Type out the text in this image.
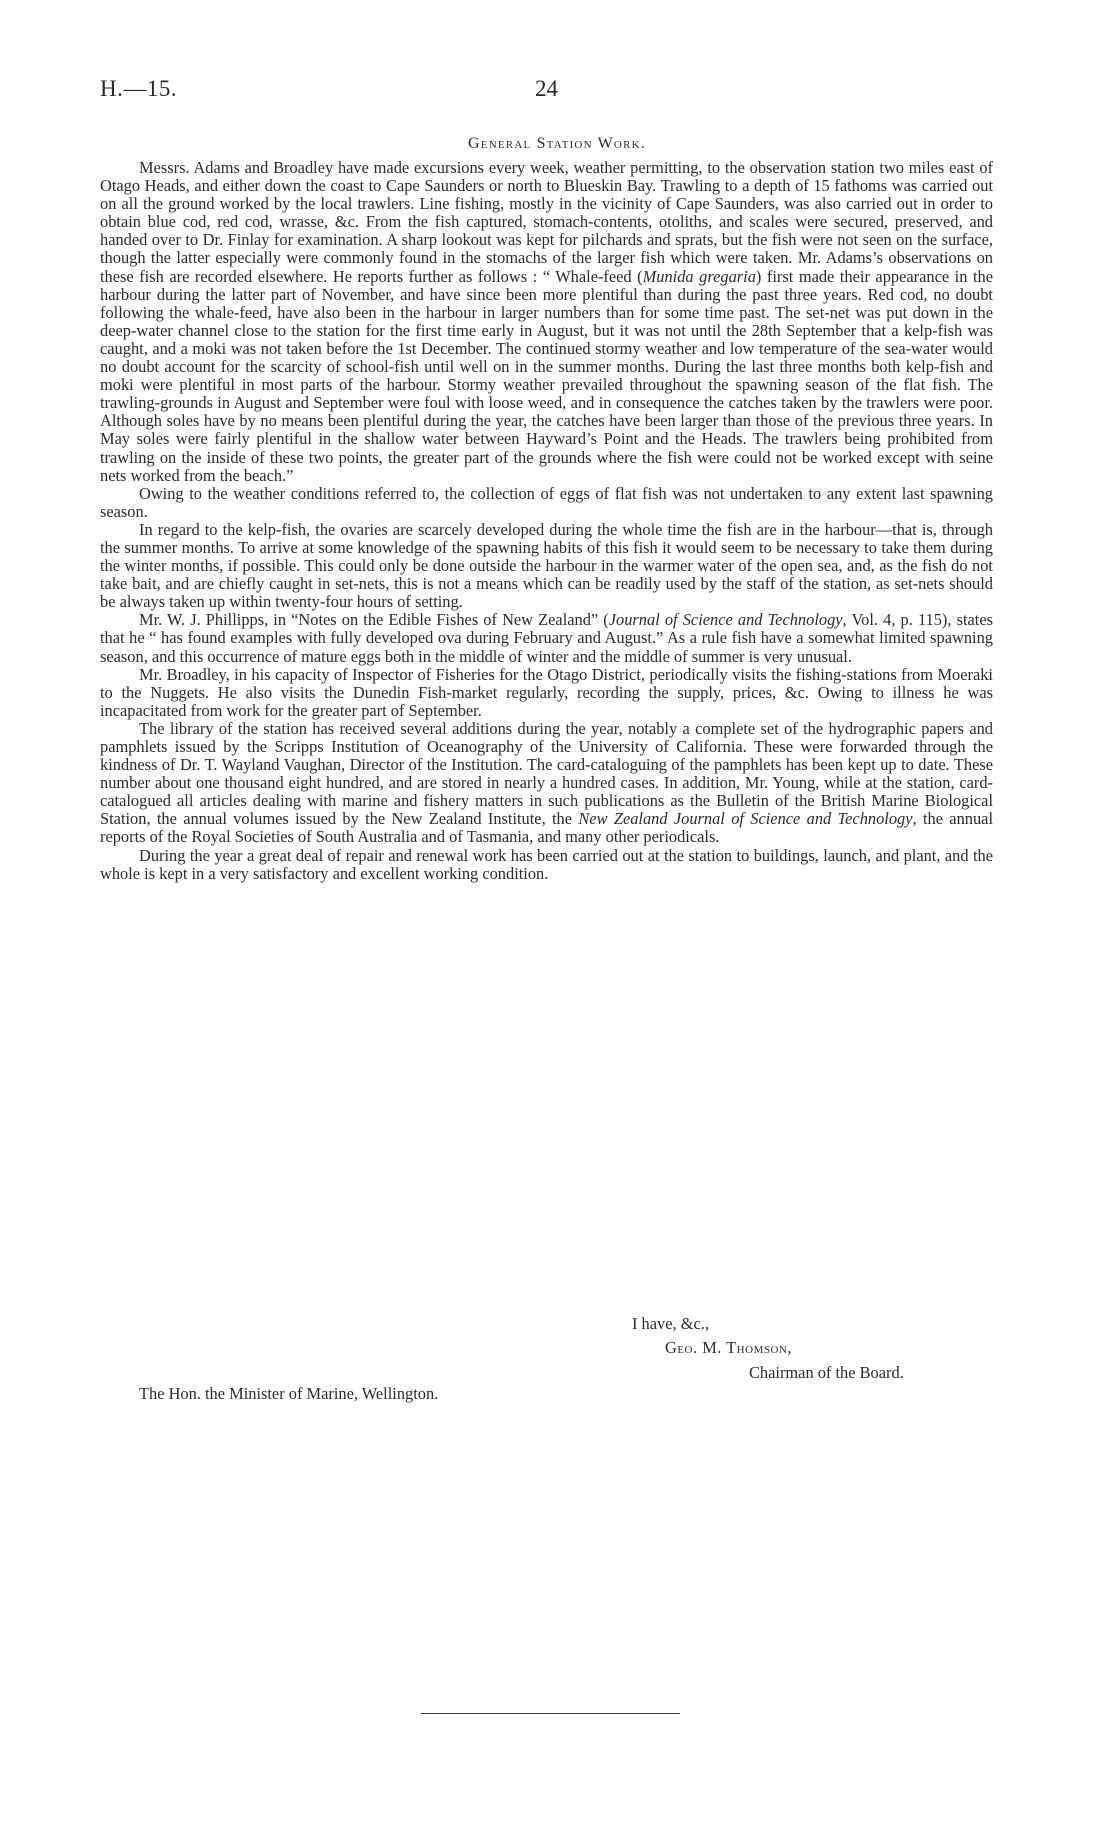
H.—15.	24
General Station Work.

Messrs. Adams and Broadley have made excursions every week, weather permitting, to the observation station two miles east of Otago Heads, and either down the coast to Cape Saunders or north to Blueskin Bay. Trawling to a depth of 15 fathoms was carried out on all the ground worked by the local trawlers. Line fishing, mostly in the vicinity of Cape Saunders, was also carried out in order to obtain blue cod, red cod, wrasse, &c. From the fish captured, stomach-contents, otoliths, and scales were secured, preserved, and handed over to Dr. Finlay for examination. A sharp lookout was kept for pilchards and sprats, but the fish were not seen on the surface, though the latter especially were commonly found in the stomachs of the larger fish which were taken. Mr. Adams’s observations on these fish are recorded elsewhere. He reports further as follows : “ Whale-feed (Munida gregaria) first made their appearance in the harbour during the latter part of November, and have since been more plentiful than during the past three years. Red cod, no doubt following the whale-feed, have also been in the harbour in larger numbers than for some time past. The set-net was put down in the deep-water channel close to the station for the first time early in August, but it was not until the 28th September that a kelp-fish was caught, and a moki was not taken before the 1st December. The continued stormy weather and low temperature of the sea-water would no doubt account for the scarcity of school-fish until well on in the summer months. During the last three months both kelp-fish and moki were plentiful in most parts of the harbour. Stormy weather prevailed throughout the spawning season of the flat fish. The trawling-grounds in August and September were foul with loose weed, and in consequence the catches taken by the trawlers were poor. Although soles have by no means been plentiful during the year, the catches have been larger than those of the previous three years. In May soles were fairly plentiful in the shallow water between Hayward’s Point and the Heads. The trawlers being prohibited from trawling on the inside of these two points, the greater part of the grounds where the fish were could not be worked except with seine nets worked from the beach.”

Owing to the weather conditions referred to, the collection of eggs of flat fish was not undertaken to any extent last spawning season.

In regard to the kelp-fish, the ovaries are scarcely developed during the whole time the fish are in the harbour—that is, through the summer months. To arrive at some knowledge of the spawning habits of this fish it would seem to be necessary to take them during the winter months, if possible. This could only be done outside the harbour in the warmer water of the open sea, and, as the fish do not take bait, and are chiefly caught in set-nets, this is not a means which can be readily used by the staff of the station, as set-nets should be always taken up within twenty-four hours of setting.

Mr. W. J. Phillipps, in “Notes on the Edible Fishes of New Zealand” (Journal of Science and Technology, Vol. 4, p. 115), states that he “ has found examples with fully developed ova during February and August.” As a rule fish have a somewhat limited spawning season, and this occurrence of mature eggs both in the middle of winter and the middle of summer is very unusual.

Mr. Broadley, in his capacity of Inspector of Fisheries for the Otago District, periodically visits the fishing-stations from Moeraki to the Nuggets. He also visits the Dunedin Fish-market regularly, recording the supply, prices, &c. Owing to illness he was incapacitated from work for the greater part of September.

The library of the station has received several additions during the year, notably a complete set of the hydrographic papers and pamphlets issued by the Scripps Institution of Oceanography of the University of California. These were forwarded through the kindness of Dr. T. Wayland Vaughan, Director of the Institution. The card-cataloguing of the pamphlets has been kept up to date. These number about one thousand eight hundred, and are stored in nearly a hundred cases. In addition, Mr. Young, while at the station, card-catalogued all articles dealing with marine and fishery matters in such publications as the Bulletin of the British Marine Biological Station, the annual volumes issued by the New Zealand Institute, the New Zealand Journal of Science and Technology, the annual reports of the Royal Societies of South Australia and of Tasmania, and many other periodicals.

During the year a great deal of repair and renewal work has been carried out at the station to buildings, launch, and plant, and the whole is kept in a very satisfactory and excellent working condition.

I have, &c.,
Geo. M. Thomson,
Chairman of the Board.
The Hon. the Minister of Marine, Wellington.
